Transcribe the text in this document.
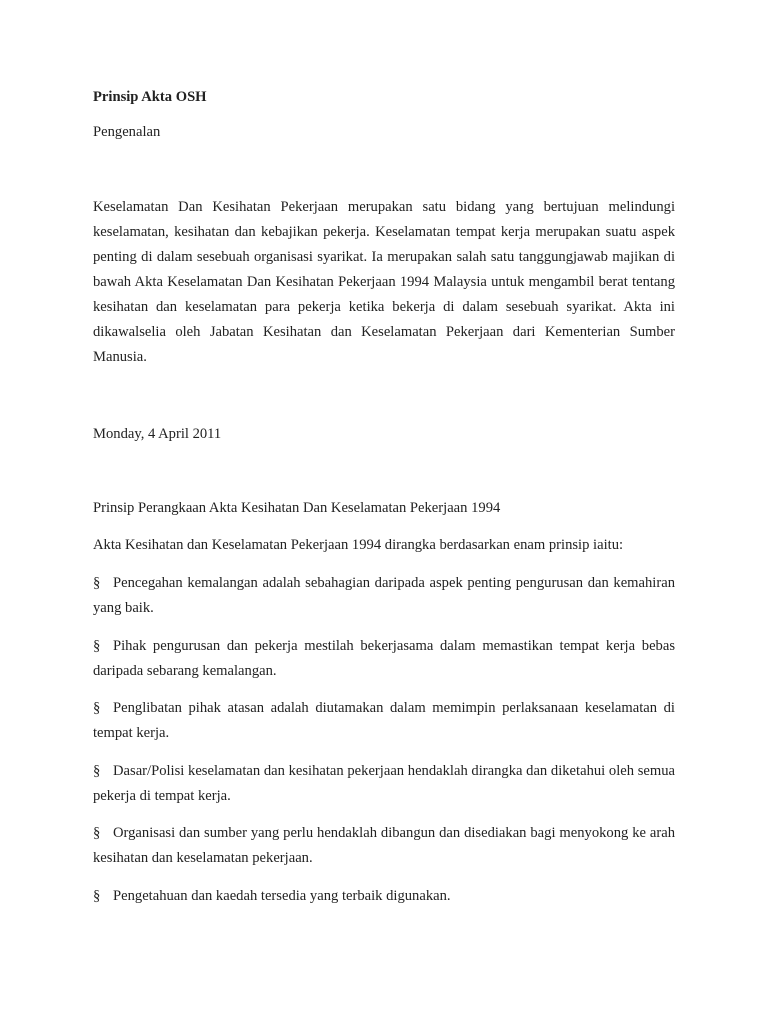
Prinsip Akta OSH

Pengenalan

Keselamatan Dan Kesihatan Pekerjaan merupakan satu bidang yang bertujuan melindungi keselamatan, kesihatan dan kebajikan pekerja. Keselamatan tempat kerja merupakan suatu aspek penting di dalam sesebuah organisasi syarikat. Ia merupakan salah satu tanggungjawab majikan di bawah Akta Keselamatan Dan Kesihatan Pekerjaan 1994 Malaysia untuk mengambil berat tentang kesihatan dan keselamatan para pekerja ketika bekerja di dalam sesebuah syarikat. Akta ini dikawalselia oleh Jabatan Kesihatan dan Keselamatan Pekerjaan dari Kementerian Sumber Manusia.

Monday, 4 April 2011

Prinsip Perangkaan Akta Kesihatan Dan Keselamatan Pekerjaan 1994

Akta Kesihatan dan Keselamatan Pekerjaan 1994 dirangka berdasarkan enam prinsip iaitu:

§ Pencegahan kemalangan adalah sebahagian daripada aspek penting pengurusan dan kemahiran yang baik.

§ Pihak pengurusan dan pekerja mestilah bekerjasama dalam memastikan tempat kerja bebas daripada sebarang kemalangan.

§ Penglibatan pihak atasan adalah diutamakan dalam memimpin perlaksanaan keselamatan di tempat kerja.

§ Dasar/Polisi keselamatan dan kesihatan pekerjaan hendaklah dirangka dan diketahui oleh semua pekerja di tempat kerja.

§ Organisasi dan sumber yang perlu hendaklah dibangun dan disediakan bagi menyokong ke arah kesihatan dan keselamatan pekerjaan.

§ Pengetahuan dan kaedah tersedia yang terbaik digunakan.
